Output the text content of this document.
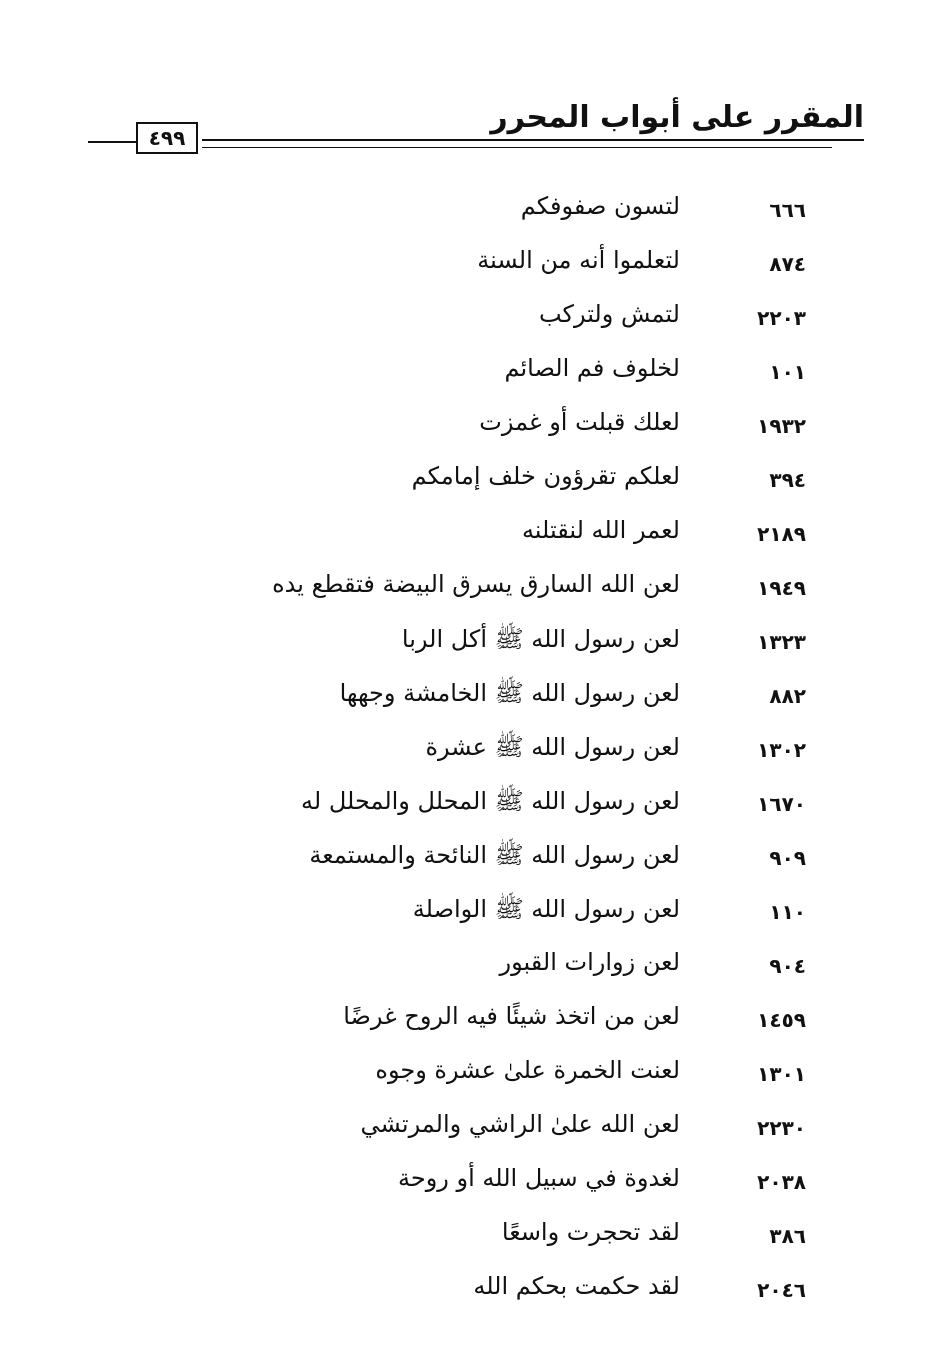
المقرر على أبواب المحرر
٤٩٩
٦٦٦
لتسون صفوفكم
٨٧٤
لتعلموا أنه من السنة
٢٢٠٣
لتمش ولتركب
١٠١
لخلوف فم الصائم
١٩٣٢
لعلك قبلت أو غمزت
٣٩٤
لعلكم تقرؤون خلف إمامكم
٢١٨٩
لعمر الله لنقتلنه
١٩٤٩
لعن الله السارق يسرق البيضة فتقطع يده
١٣٢٣
لعن رسول الله ﷺ أكل الربا
٨٨٢
لعن رسول الله ﷺ الخامشة وجهها
١٣٠٢
لعن رسول الله ﷺ عشرة
١٦٧٠
لعن رسول الله ﷺ المحلل والمحلل له
٩٠٩
لعن رسول الله ﷺ النائحة والمستمعة
١١٠
لعن رسول الله ﷺ الواصلة
٩٠٤
لعن زوارات القبور
١٤٥٩
لعن من اتخذ شيئًا فيه الروح غرضًا
١٣٠١
لعنت الخمرة علىٰ عشرة وجوه
٢٢٣٠
لعن الله علىٰ الراشي والمرتشي
٢٠٣٨
لغدوة في سبيل الله أو روحة
٣٨٦
لقد تحجرت واسعًا
٢٠٤٦
لقد حكمت بحكم الله
